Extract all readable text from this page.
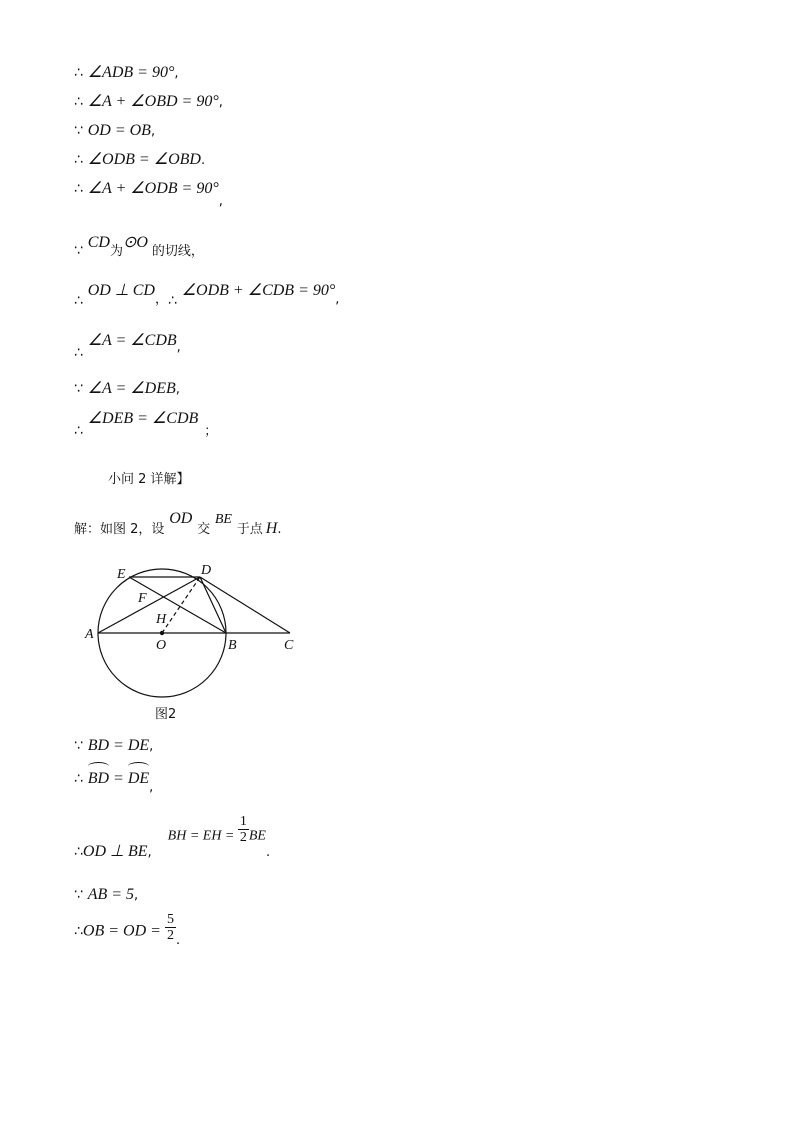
∴ ∠ADB = 90°,
∴ ∠A + ∠OBD = 90°,
∵ OD = OB,
∴ ∠ODB = ∠OBD.
∴ ∠A + ∠ODB = 90°,
∵ CD为⊙O的切线，
∴ OD ⊥ CD，∴ ∠ODB + ∠CDB = 90°,
∴ ∠A = ∠CDB,
∵ ∠A = ∠DEB,
∴ ∠DEB = ∠CDB；
小问 2 详解】
解：如图 2，设 OD 交 BE 于点 H.
E	D
F
H
A
O	B	C
图2
∵ BD = DE,
∴ BD =
DE,
∴OD ⊥ BE,BH = EH = $\frac{1}{2}$ BE.
∵ AB = 5,
∴OB = OD = $\frac{5}{2}$ .
